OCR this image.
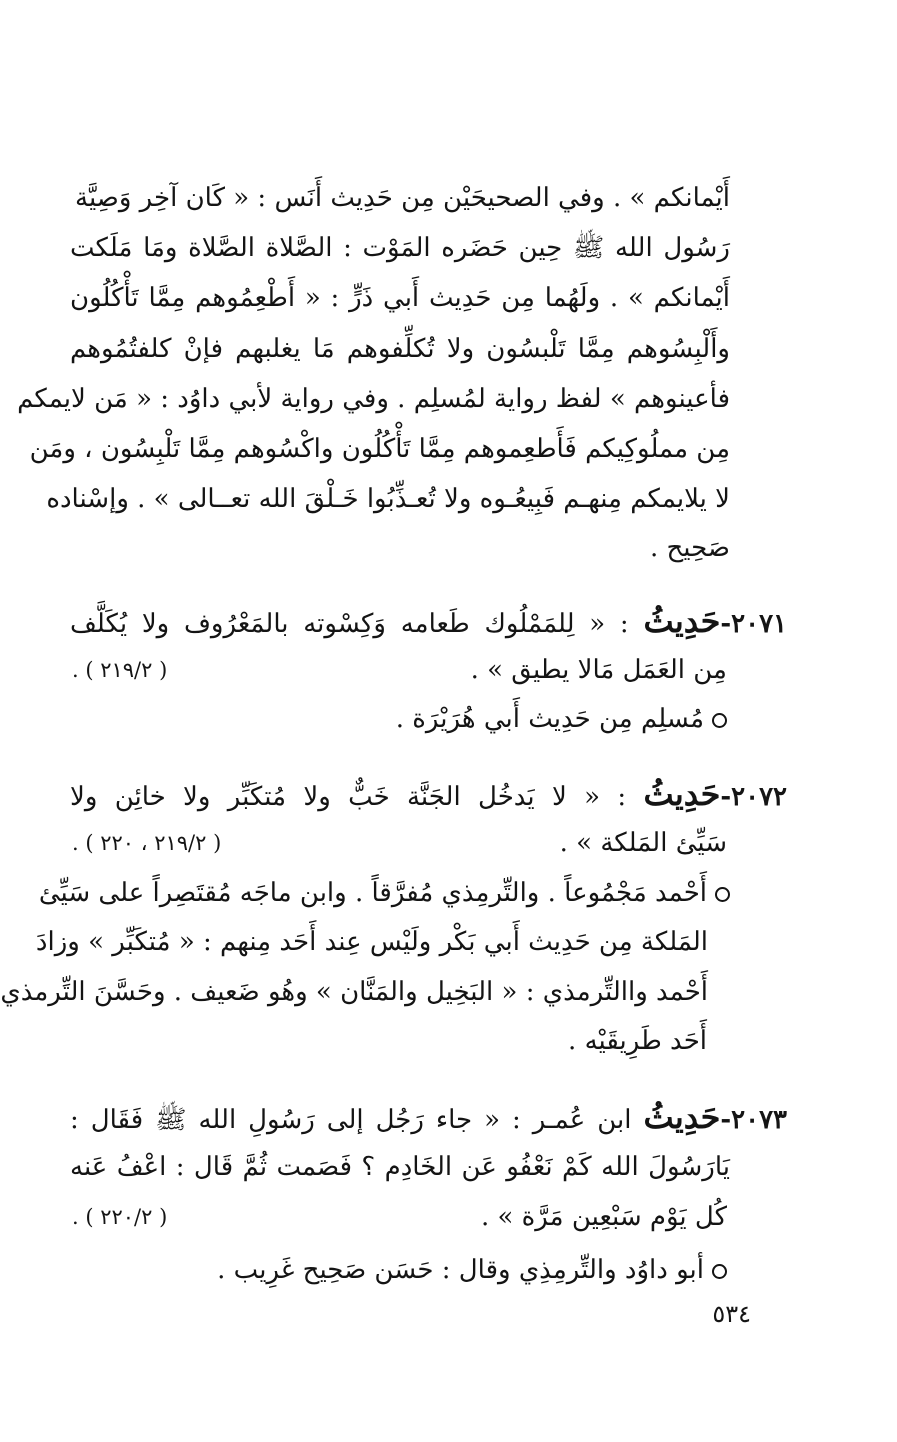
أَيْمانكم » . وفي الصحيحَيْن مِن حَدِيث أَنَس : « كَان آخِر وَصِيَّة
رَسُول الله ﷺ حِين حَضَره المَوْت : الصَّلاة الصَّلاة ومَا مَلَكت
أَيْمانكم » . ولَهُما مِن حَدِيث أَبي ذَرٍّ : « أَطْعِمُوهم مِمَّا تَأْكُلُون
وأَلْبِسُوهم مِمَّا تَلْبسُون ولا تُكلِّفوهم مَا يغلبهم فإنْ كلفتُمُوهم
فأعينوهم » لفظ رواية لمُسلِم . وفي رواية لأبي داوُد : « مَن لايمكم
مِن مملُوكِيكم فَأَطعِموهم مِمَّا تَأْكُلُون واكْسُوهم مِمَّا تَلْبِسُون ، ومَن
لا يلايمكم مِنهـم فَبِيعُـوه ولا تُعـذِّبُوا خَـلْقَ الله تعــالى » . وإسْناده
صَحِيح .
٢٠٧١-حَدِيثُ : « لِلمَمْلُوك طَعامه وَكِسْوته بالمَعْرُوف ولا يُكَلَّف
مِن العَمَل مَالا يطيق » .
( ٢١٩/٢ ) .
مُسلِم مِن حَدِيث أَبي هُرَيْرَة .
٢٠٧٢-حَدِيثُ : « لا يَدخُل الجَنَّة خَبٌّ ولا مُتكَبِّر ولا خائِن ولا
سَيِّئ المَلكة » .
( ٢١٩/٢ ، ٢٢٠ ) .
أَحْمد مَجْمُوعاً . والتِّرمِذي مُفرَّقاً . وابن ماجَه مُقتَصِراً على سَيِّئ
المَلكة مِن حَدِيث أَبي بَكْر ولَيْس عِند أَحَد مِنهم : « مُتكَبِّر » وزادَ
أَحْمد واالتِّرمذي : « البَخِيل والمَنَّان » وهُو ضَعيف . وحَسَّنَ التِّرمذي
أَحَد طَرِيقَيْه .
٢٠٧٣-حَدِيثُ ابن عُمـر : « جاء رَجُل إلى رَسُولِ الله ﷺ فَقَال :
يَارَسُولَ الله كَمْ نَعْفُو عَن الخَادِم ؟ فَصَمت ثُمَّ قَال : اعْفُ عَنه
كُل يَوْم سَبْعِين مَرَّة » .
( ٢٢٠/٢ ) .
أبو داوُد والتِّرمِذِي وقال : حَسَن صَحِيح غَرِيب .
٥٣٤
